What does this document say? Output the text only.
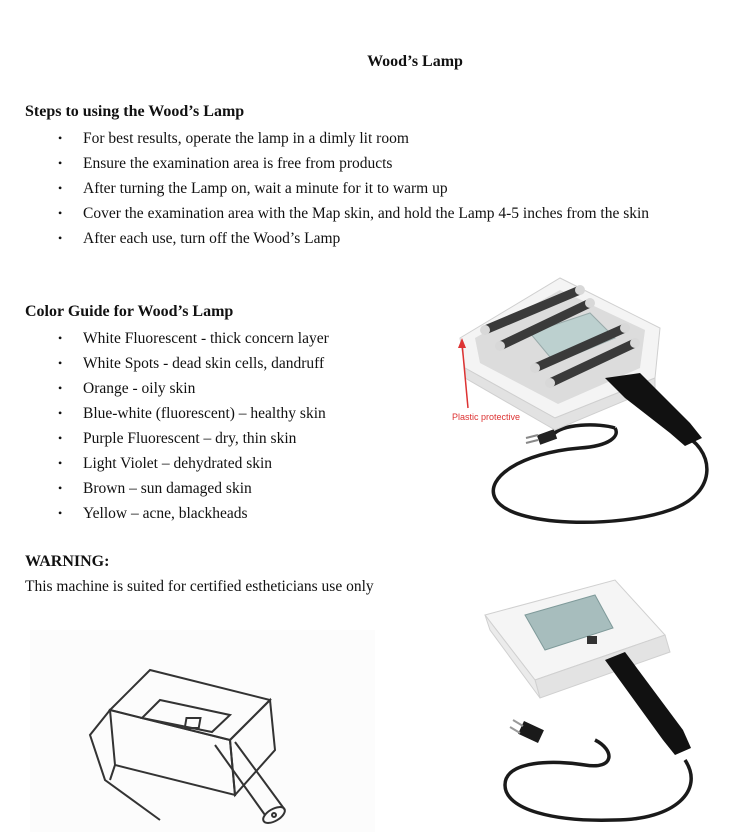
Wood’s Lamp
Steps to using the Wood’s Lamp
• For best results, operate the lamp in a dimly lit room
• Ensure the examination area is free from products
• After turning the Lamp on, wait a minute for it to warm up
• Cover the examination area with the Map skin, and hold the Lamp 4-5 inches from the skin
• After each use, turn off the Wood’s Lamp
Color Guide for Wood’s Lamp
• White Fluorescent - thick concern layer
• White Spots - dead skin cells, dandruff
• Orange - oily skin
• Blue-white (fluorescent) – healthy skin
• Purple Fluorescent – dry, thin skin
• Light Violet – dehydrated skin
• Brown – sun damaged skin
• Yellow – acne, blackheads
WARNING:
This machine is suited for certified estheticians use only
Plastic protective
